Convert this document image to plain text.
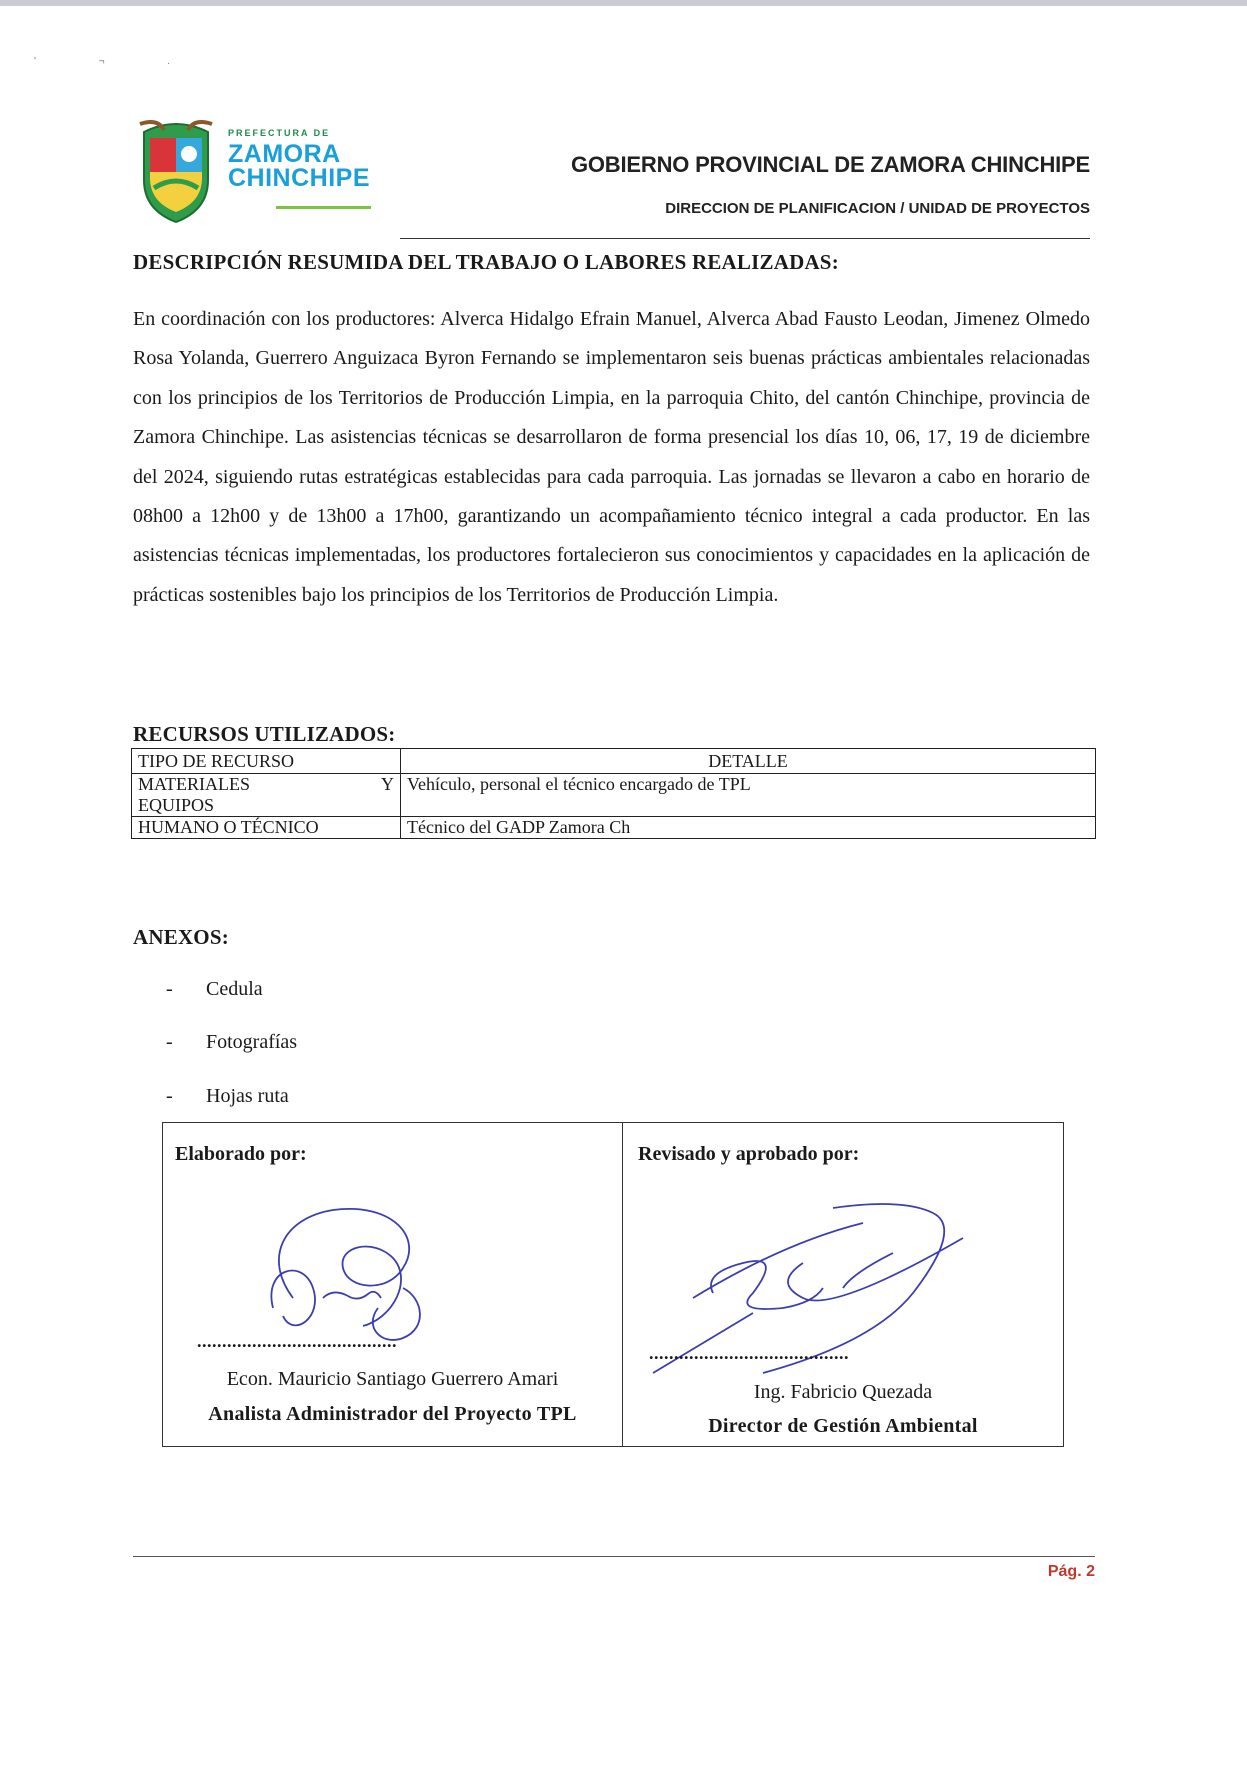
' ¬ .
PREFECTURA DE
ZAMORA
CHINCHIPE	GOBIERNO PROVINCIAL DE ZAMORA CHINCHIPE
DIRECCION DE PLANIFICACION / UNIDAD DE PROYECTOS
DESCRIPCIÓN RESUMIDA DEL TRABAJO O LABORES REALIZADAS:

En coordinación con los productores: Alverca Hidalgo Efrain Manuel, Alverca Abad Fausto Leodan, Jimenez Olmedo Rosa Yolanda, Guerrero Anguizaca Byron Fernando se implementaron seis buenas prácticas ambientales relacionadas con los principios de los Territorios de Producción Limpia, en la parroquia Chito, del cantón Chinchipe, provincia de Zamora Chinchipe. Las asistencias técnicas se desarrollaron de forma presencial los días 10, 06, 17, 19 de diciembre del 2024, siguiendo rutas estratégicas establecidas para cada parroquia. Las jornadas se llevaron a cabo en horario de 08h00 a 12h00 y de 13h00 a 17h00, garantizando un acompañamiento técnico integral a cada productor. En las asistencias técnicas implementadas, los productores fortalecieron sus conocimientos y capacidades en la aplicación de prácticas sostenibles bajo los principios de los Territorios de Producción Limpia.

RECURSOS UTILIZADOS:
TIPO DE RECURSO	DETALLE

MATERIALES Y
EQUIPOS	Vehículo, personal el técnico encargado de TPL
HUMANO O TÉCNICO	Técnico del GADP Zamora Ch
ANEXOS:
- Cedula
- Fotografías
- Hojas ruta
Elaborado por:
........................................
Econ. Mauricio Santiago Guerrero Amari
Analista Administrador del Proyecto TPL
Revisado y aprobado por:
........................................
Ing. Fabricio Quezada
Director de Gestión Ambiental
Pág. 2
